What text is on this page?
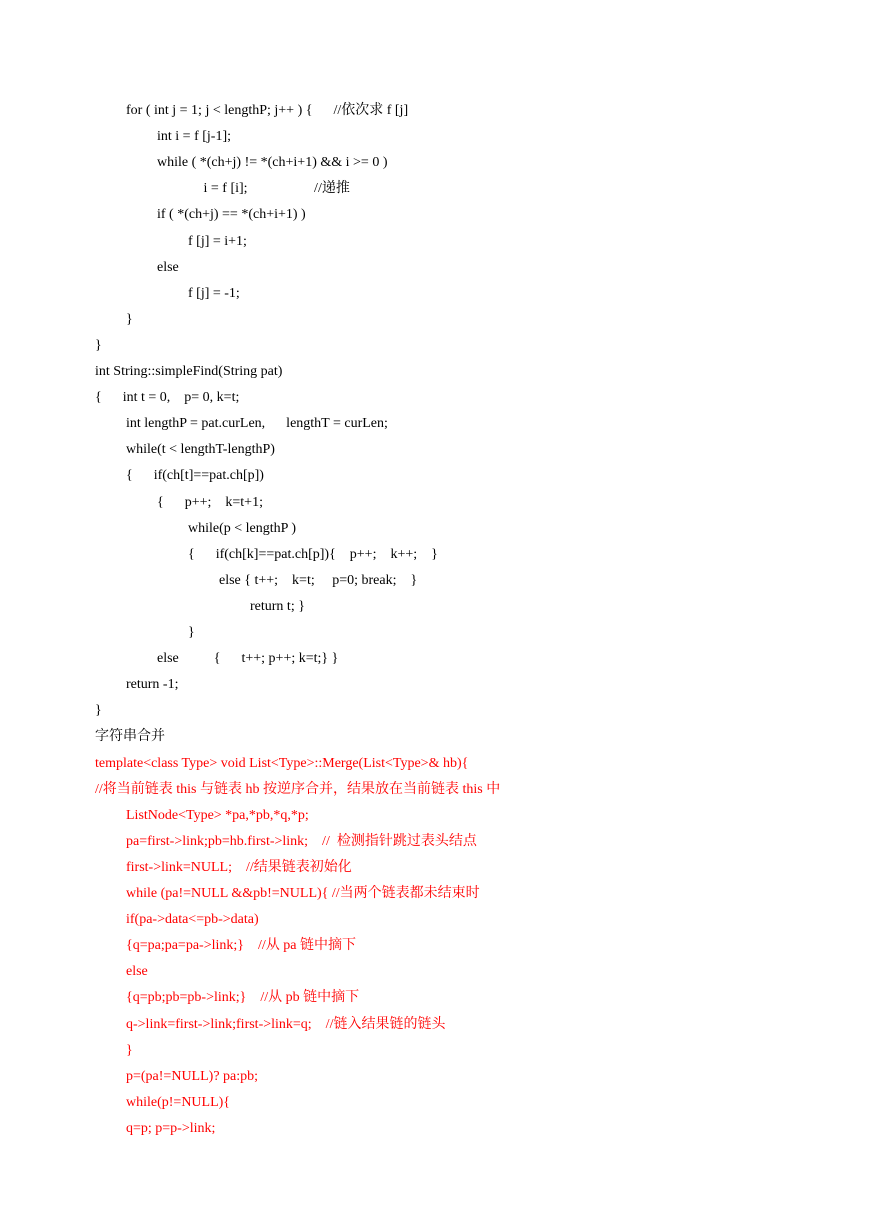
for ( int j = 1; j < lengthP; j++ ) {      //依次求 f [j]
int i = f [j-1];
while ( *(ch+j) != *(ch+i+1) && i >= 0 )
i = f [i];                   //递推
if ( *(ch+j) == *(ch+i+1) )
f [j] = i+1;
else
f [j] = -1;
}
}
int String::simpleFind(String pat)
{      int t = 0,    p= 0, k=t;
int lengthP = pat.curLen,      lengthT = curLen;
while(t < lengthT-lengthP)
{      if(ch[t]==pat.ch[p])
{      p++;    k=t+1;
while(p < lengthP )
{      if(ch[k]==pat.ch[p]){    p++;    k++;    }
else { t++;    k=t;     p=0; break;    }
return t; }
}
else          {      t++; p++; k=t;} }
return -1;
}
字符串合并
template<class Type> void List<Type>::Merge(List<Type>& hb){
//将当前链表 this 与链表 hb 按逆序合并，结果放在当前链表 this 中
ListNode<Type> *pa,*pb,*q,*p;
pa=first->link;pb=hb.first->link;    //  检测指针跳过表头结点
first->link=NULL;    //结果链表初始化
while (pa!=NULL &&pb!=NULL){ //当两个链表都未结束时
if(pa->data<=pb->data)
{q=pa;pa=pa->link;}    //从 pa 链中摘下
else
{q=pb;pb=pb->link;}    //从 pb 链中摘下
q->link=first->link;first->link=q;    //链入结果链的链头
}
p=(pa!=NULL)? pa:pb;
while(p!=NULL){
q=p; p=p->link;
